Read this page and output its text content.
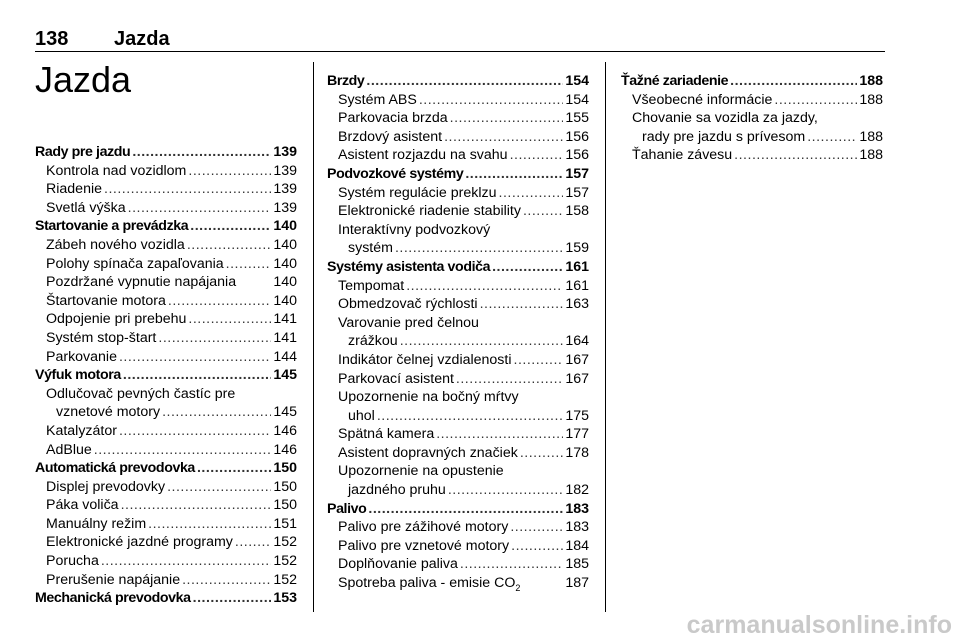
138 Jazda
Jazda
Rady pre jazdu .....	139
Kontrola nad vozidlom .....	139
Riadenie .....	139
Svetlá výška .....	139
Startovanie a prevádzka .....	140
Zábeh nového vozidla .....	140
Polohy spínača zapaľovania .....	140
Pozdržané vypnutie napájania	140
Štartovanie motora .....	140
Odpojenie pri prebehu .....	141
Systém stop-štart .....	141
Parkovanie .....	144
Výfuk motora .....	145
Odlučovač pevných častíc pre
vznetové motory .....	145
Katalyzátor .....	146
AdBlue .....	146
Automatická prevodovka .....	150
Displej prevodovky .....	150
Páka voliča .....	150
Manuálny režim .....	151
Elektronické jazdné programy .....	152
Porucha .....	152
Prerušenie napájanie .....	152
Mechanická prevodovka .....	153
Brzdy .....	154
Systém ABS .....	154
Parkovacia brzda .....	155
Brzdový asistent .....	156
Asistent rozjazdu na svahu .....	156
Podvozkové systémy .....	157
Systém regulácie preklzu .....	157
Elektronické riadenie stability .....	158
Interaktívny podvozkový
systém .....	159
Systémy asistenta vodiča .....	161
Tempomat .....	161
Obmedzovač rýchlosti .....	163
Varovanie pred čelnou
zrážkou .....	164
Indikátor čelnej vzdialenosti .....	167
Parkovací asistent .....	167
Upozornenie na bočný mŕtvy
uhol .....	175
Spätná kamera .....	177
Asistent dopravných značiek .....	178
Upozornenie na opustenie
jazdného pruhu .....	182
Palivo .....	183
Palivo pre zážihové motory .....	183
Palivo pre vznetové motory .....	184
Doplňovanie paliva .....	185
Spotreba paliva - emisie $CO_2$	187
Ťažné zariadenie .....	188
Všeobecné informácie .....	188
Chovanie sa vozidla za jazdy,
rady pre jazdu s prívesom .....	188
Ťahanie závesu .....	188
carmanualsonline.info
